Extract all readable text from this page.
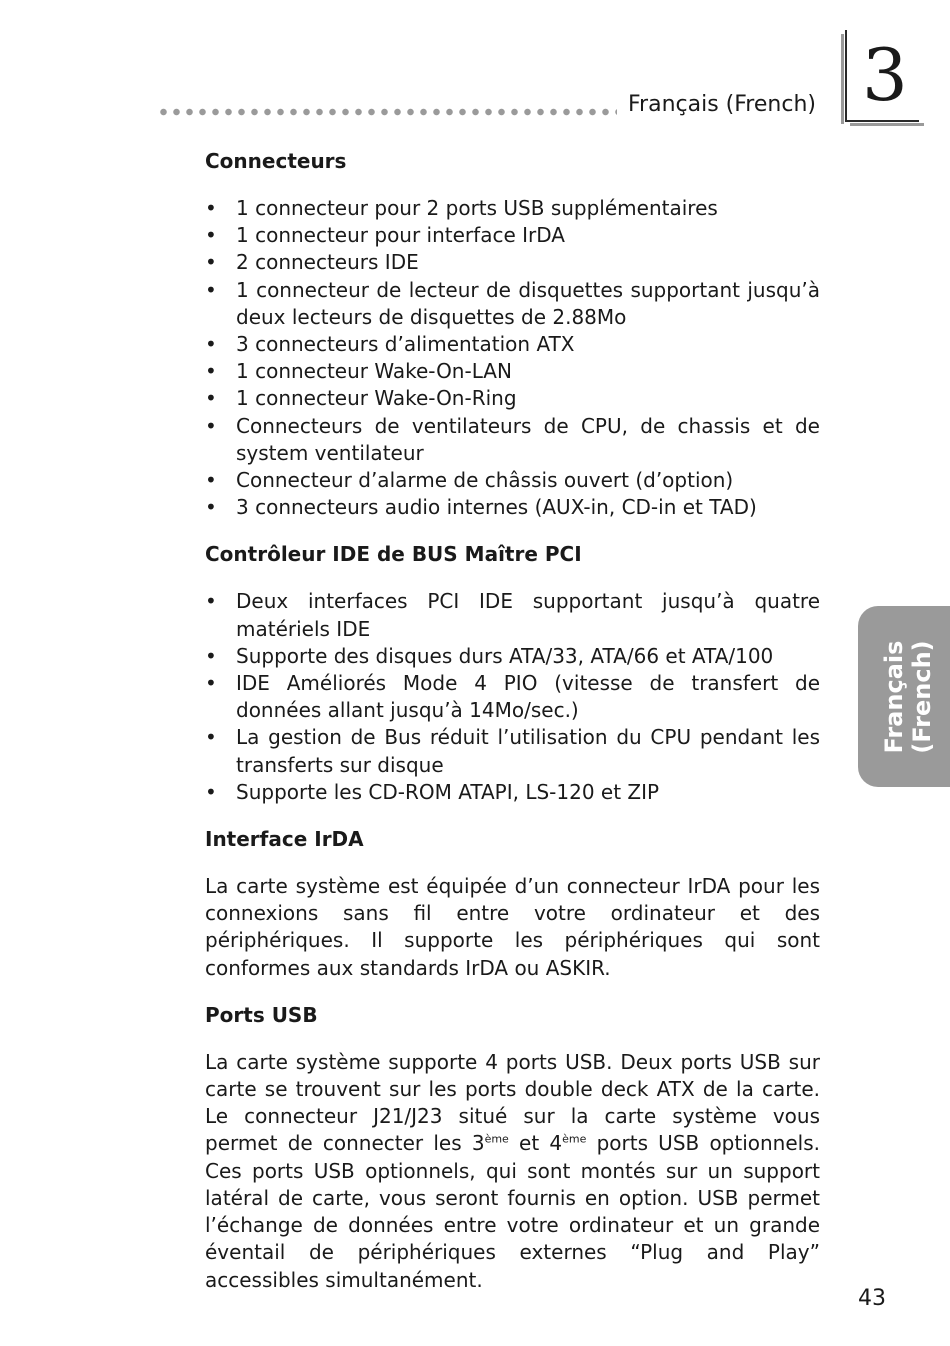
Français (French) 3
Français (French)
Connecteurs
• 1 connecteur pour 2 ports USB supplémentaires
• 1 connecteur pour interface IrDA
• 2 connecteurs IDE
• 1 connecteur de lecteur de disquettes supportant jusqu’à deux lecteurs de disquettes de 2.88Mo
• 3 connecteurs d’alimentation ATX
• 1 connecteur Wake-On-LAN
• 1 connecteur Wake-On-Ring
• Connecteurs de ventilateurs de CPU, de chassis et de system ventilateur
• Connecteur d’alarme de châssis ouvert (d’option)
• 3 connecteurs audio internes (AUX-in, CD-in et TAD)
Contrôleur IDE de BUS Maître PCI
• Deux interfaces PCI IDE supportant jusqu’à quatre matériels IDE
• Supporte des disques durs ATA/33, ATA/66 et ATA/100
• IDE Améliorés Mode 4 PIO (vitesse de transfert de données allant jusqu’à 14Mo/sec.)
• La gestion de Bus réduit l’utilisation du CPU pendant les transferts sur disque
• Supporte les CD-ROM ATAPI, LS-120 et ZIP
Interface IrDA

La carte système est équipée d’un connecteur IrDA pour les connexions sans fil entre votre ordinateur et des périphériques. Il supporte les périphériques qui sont conformes aux standards IrDA ou ASKIR.

Ports USB

La carte système supporte 4 ports USB. Deux ports USB sur carte se trouvent sur les ports double deck ATX de la carte. Le connecteur J21/J23 situé sur la carte système vous permet de connecter les 3ème et 4ème ports USB optionnels. Ces ports USB optionnels, qui sont montés sur un support latéral de carte, vous seront fournis en option. USB permet l’échange de données entre votre ordinateur et un grande éventail de périphériques externes “Plug and Play” accessibles simultanément.

43
